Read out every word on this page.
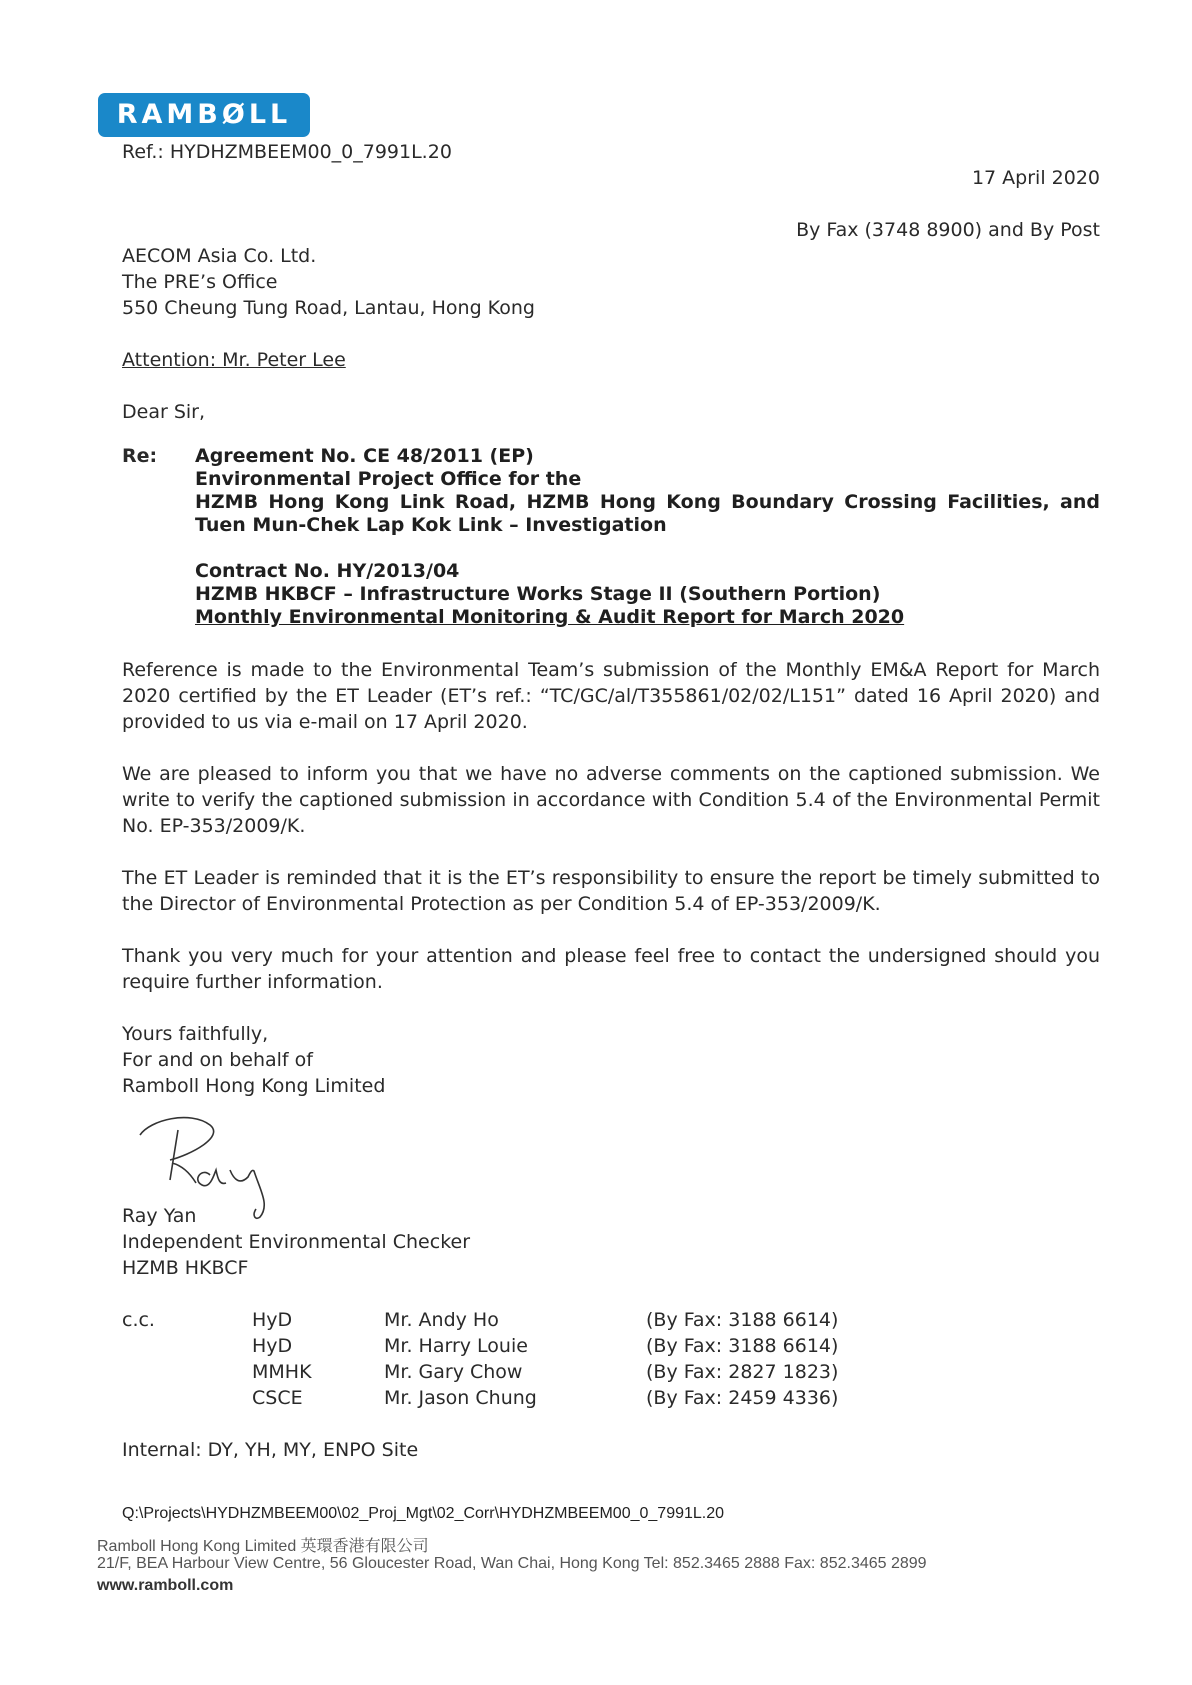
RAMBØLL
Ref.: HYDHZMBEEM00_0_7991L.20
17 April 2020
By Fax (3748 8900) and By Post
AECOM Asia Co. Ltd.
The PRE’s Office
550 Cheung Tung Road, Lantau, Hong Kong
Attention: Mr. Peter Lee
Dear Sir,
Re: Agreement No. CE 48/2011 (EP)
Environmental Project Office for the
HZMB Hong Kong Link Road, HZMB Hong Kong Boundary Crossing Facilities, and
Tuen Mun-Chek Lap Kok Link – Investigation
Contract No. HY/2013/04
HZMB HKBCF – Infrastructure Works Stage II (Southern Portion)
Monthly Environmental Monitoring & Audit Report for March 2020
Reference is made to the Environmental Team’s submission of the Monthly EM&A Report for March 2020 certified by the ET Leader (ET’s ref.: “TC/GC/al/T355861/02/02/L151” dated 16 April 2020) and provided to us via e-mail on 17 April 2020.
We are pleased to inform you that we have no adverse comments on the captioned submission. We write to verify the captioned submission in accordance with Condition 5.4 of the Environmental Permit No. EP-353/2009/K.
The ET Leader is reminded that it is the ET’s responsibility to ensure the report be timely submitted to the Director of Environmental Protection as per Condition 5.4 of EP-353/2009/K.
Thank you very much for your attention and please feel free to contact the undersigned should you require further information.
Yours faithfully,
For and on behalf of
Ramboll Hong Kong Limited
Ray Yan
Independent Environmental Checker
HZMB HKBCF
c.c.	HyD	Mr. Andy Ho	(By Fax: 3188 6614)
HyD	Mr. Harry Louie	(By Fax: 3188 6614)
MMHK	Mr. Gary Chow	(By Fax: 2827 1823)
CSCE	Mr. Jason Chung	(By Fax: 2459 4336)
Internal: DY, YH, MY, ENPO Site
Q:\Projects\HYDHZMBEEM00\02_Proj_Mgt\02_Corr\HYDHZMBEEM00_0_7991L.20
Ramboll Hong Kong Limited 英環香港有限公司
21/F, BEA Harbour View Centre, 56 Gloucester Road, Wan Chai, Hong Kong Tel: 852.3465 2888 Fax: 852.3465 2899
www.ramboll.com
